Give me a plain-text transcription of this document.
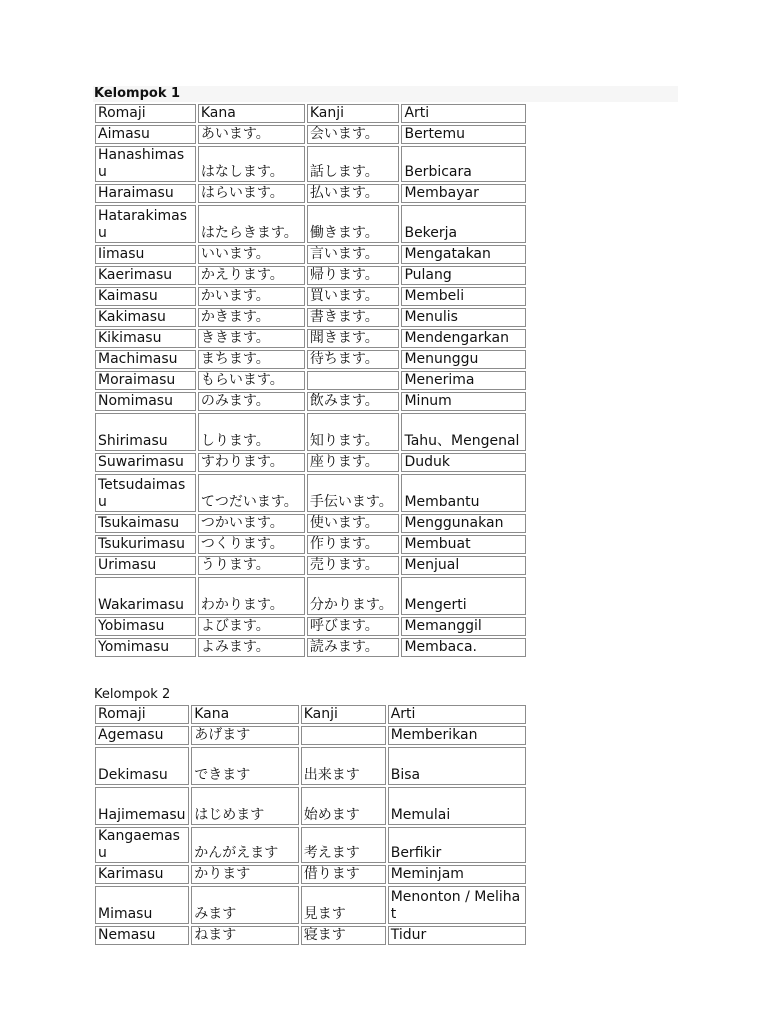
Kelompok 1
Romaji	Kana	Kanji	Arti
Aimasu	あいます。	会います。	Bertemu
Hanashimasu	はなします。	話します。	Berbicara
Haraimasu	はらいます。	払います。	Membayar
Hatarakimasu	はたらきます。	働きます。	Bekerja
Iimasu	いいます。	言います。	Mengatakan
Kaerimasu	かえります。	帰ります。	Pulang
Kaimasu	かいます。	買います。	Membeli
Kakimasu	かきます。	書きます。	Menulis
Kikimasu	ききます。	聞きます。	Mendengarkan
Machimasu	まちます。	待ちます。	Menunggu
Moraimasu	もらいます。		Menerima
Nomimasu	のみます。	飲みます。	Minum
Shirimasu	しります。	知ります。	Tahu、Mengenal
Suwarimasu	すわります。	座ります。	Duduk
Tetsudaimasu	てつだいます。	手伝います。	Membantu
Tsukaimasu	つかいます。	使います。	Menggunakan
Tsukurimasu	つくります。	作ります。	Membuat
Urimasu	うります。	売ります。	Menjual
Wakarimasu	わかります。	分かります。	Mengerti
Yobimasu	よびます。	呼びます。	Memanggil
Yomimasu	よみます。	読みます。	Membaca.
Kelompok 2
Romaji	Kana	Kanji	Arti
Agemasu	あげます		Memberikan
Dekimasu	できます	出来ます	Bisa
Hajimemasu	はじめます	始めます	Memulai
Kangaemasu	かんがえます	考えます	Berfikir
Karimasu	かります	借ります	Meminjam
Mimasu	みます	見ます	Menonton / Melihat
Nemasu	ねます	寝ます	Tidur
